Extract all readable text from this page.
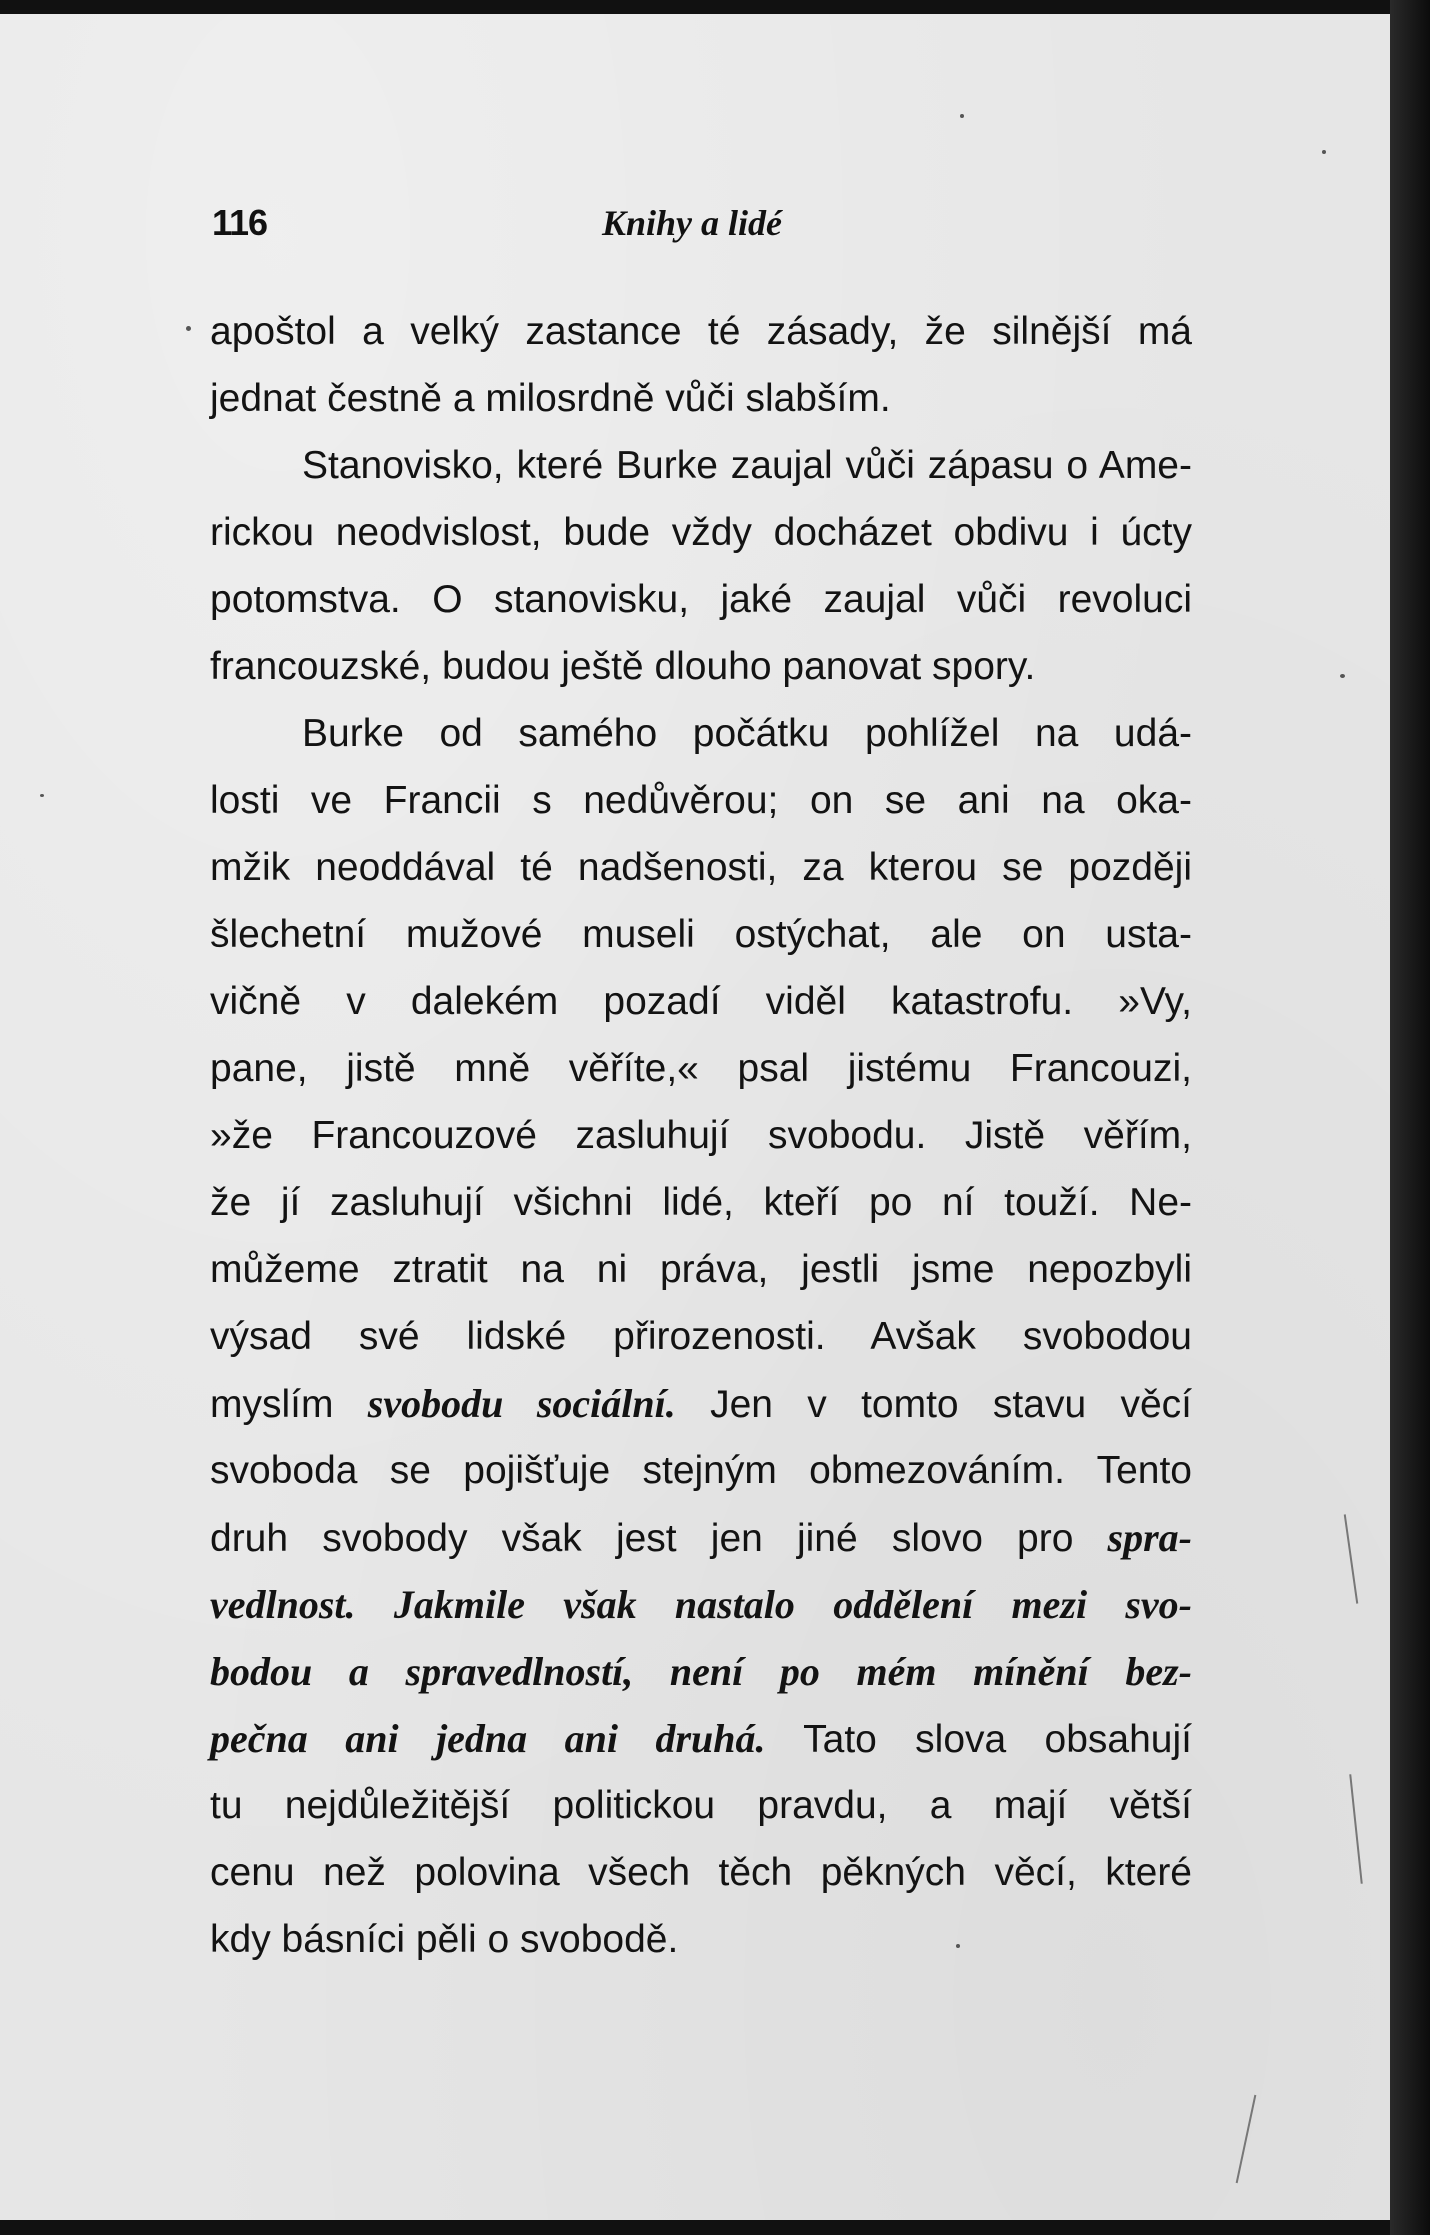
116	Knihy a lidé
apoštol a velký zastance té zásady, že silnější má
jednat čestně a milosrdně vůči slabším.
Stanovisko, které Burke zaujal vůči zápasu o Ame-
rickou neodvislost, bude vždy docházet obdivu i úcty
potomstva. O stanovisku, jaké zaujal vůči revoluci
francouzské, budou ještě dlouho panovat spory.
Burke od samého počátku pohlížel na udá-
losti ve Francii s nedůvěrou; on se ani na oka-
mžik neoddával té nadšenosti, za kterou se později
šlechetní mužové museli ostýchat, ale on usta-
vičně v dalekém pozadí viděl katastrofu. »Vy,
pane, jistě mně věříte,« psal jistému Francouzi,
»že Francouzové zasluhují svobodu. Jistě věřím,
že jí zasluhují všichni lidé, kteří po ní touží. Ne-
můžeme ztratit na ni práva, jestli jsme nepozbyli
výsad své lidské přirozenosti. Avšak svobodou
myslím svobodu sociální. Jen v tomto stavu věcí
svoboda se pojišťuje stejným obmezováním. Tento
druh svobody však jest jen jiné slovo pro spra-
vedlnost. Jakmile však nastalo oddělení mezi svo-
bodou a spravedlností, není po mém mínění bez-
pečna ani jedna ani druhá. Tato slova obsahují
tu nejdůležitější politickou pravdu, a mají větší
cenu než polovina všech těch pěkných věcí, které
kdy básníci pěli o svobodě.
